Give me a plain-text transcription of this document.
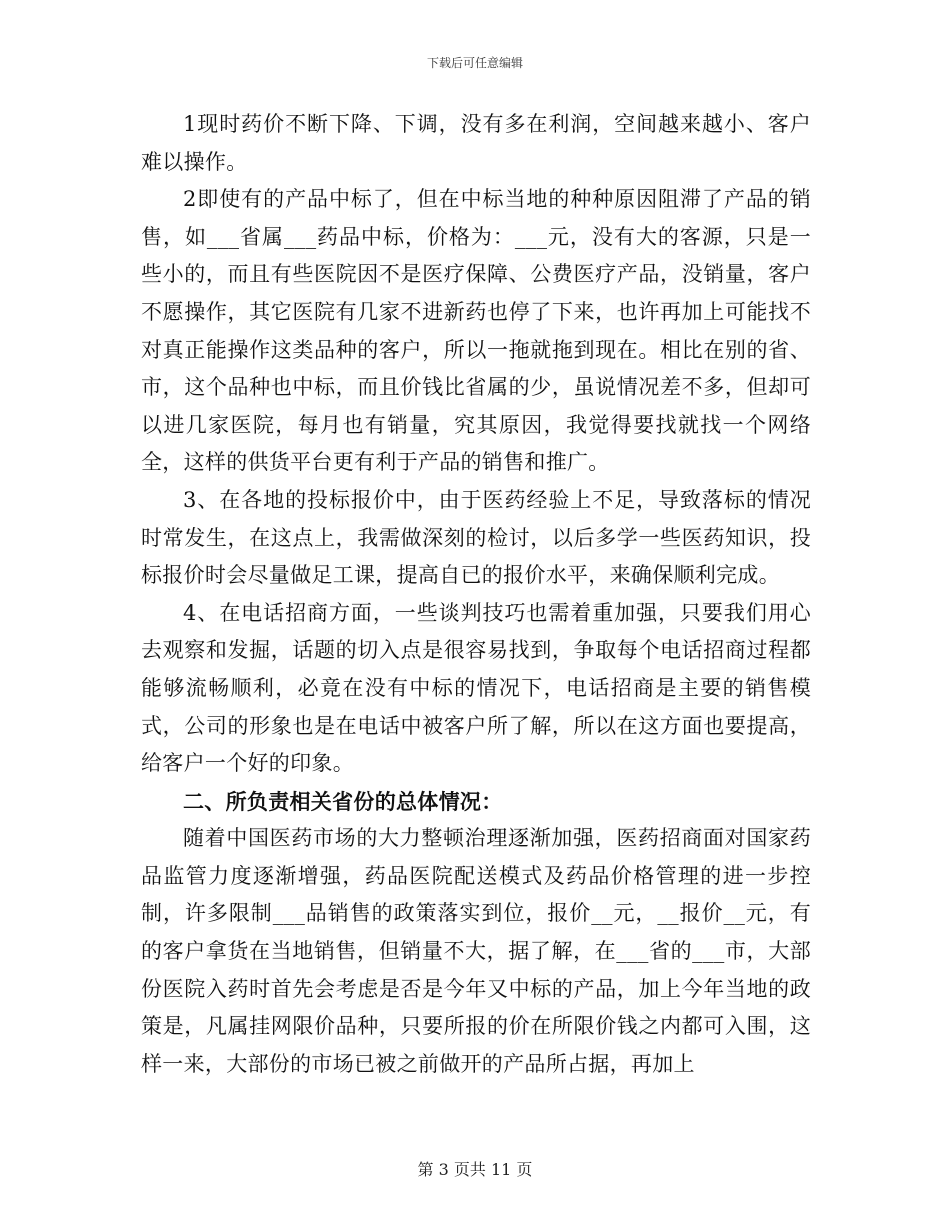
下载后可任意编辑

1现时药价不断下降、下调，没有多在利润，空间越来越小、客户难以操作。

2即使有的产品中标了，但在中标当地的种种原因阻滞了产品的销售，如___省属___药品中标，价格为：___元，没有大的客源，只是一些小的，而且有些医院因不是医疗保障、公费医疗产品，没销量，客户不愿操作，其它医院有几家不进新药也停了下来，也许再加上可能找不对真正能操作这类品种的客户，所以一拖就拖到现在。相比在别的省、市，这个品种也中标，而且价钱比省属的少，虽说情况差不多，但却可以进几家医院，每月也有销量，究其原因，我觉得要找就找一个网络全，这样的供货平台更有利于产品的销售和推广。

3、在各地的投标报价中，由于医药经验上不足，导致落标的情况时常发生，在这点上，我需做深刻的检讨，以后多学一些医药知识，投标报价时会尽量做足工课，提高自已的报价水平，来确保顺利完成。

4、在电话招商方面，一些谈判技巧也需着重加强，只要我们用心去观察和发掘，话题的切入点是很容易找到，争取每个电话招商过程都能够流畅顺利，必竟在没有中标的情况下，电话招商是主要的销售模式，公司的形象也是在电话中被客户所了解，所以在这方面也要提高，给客户一个好的印象。

二、所负责相关省份的总体情况：

随着中国医药市场的大力整顿治理逐渐加强，医药招商面对国家药品监管力度逐渐增强，药品医院配送模式及药品价格管理的进一步控制，许多限制___品销售的政策落实到位，报价__元，__报价__元，有的客户拿货在当地销售，但销量不大，据了解，在___省的___市，大部份医院入药时首先会考虑是否是今年又中标的产品，加上今年当地的政策是，凡属挂网限价品种，只要所报的价在所限价钱之内都可入围，这样一来，大部份的市场已被之前做开的产品所占据，再加上

第 3 页共 11 页
